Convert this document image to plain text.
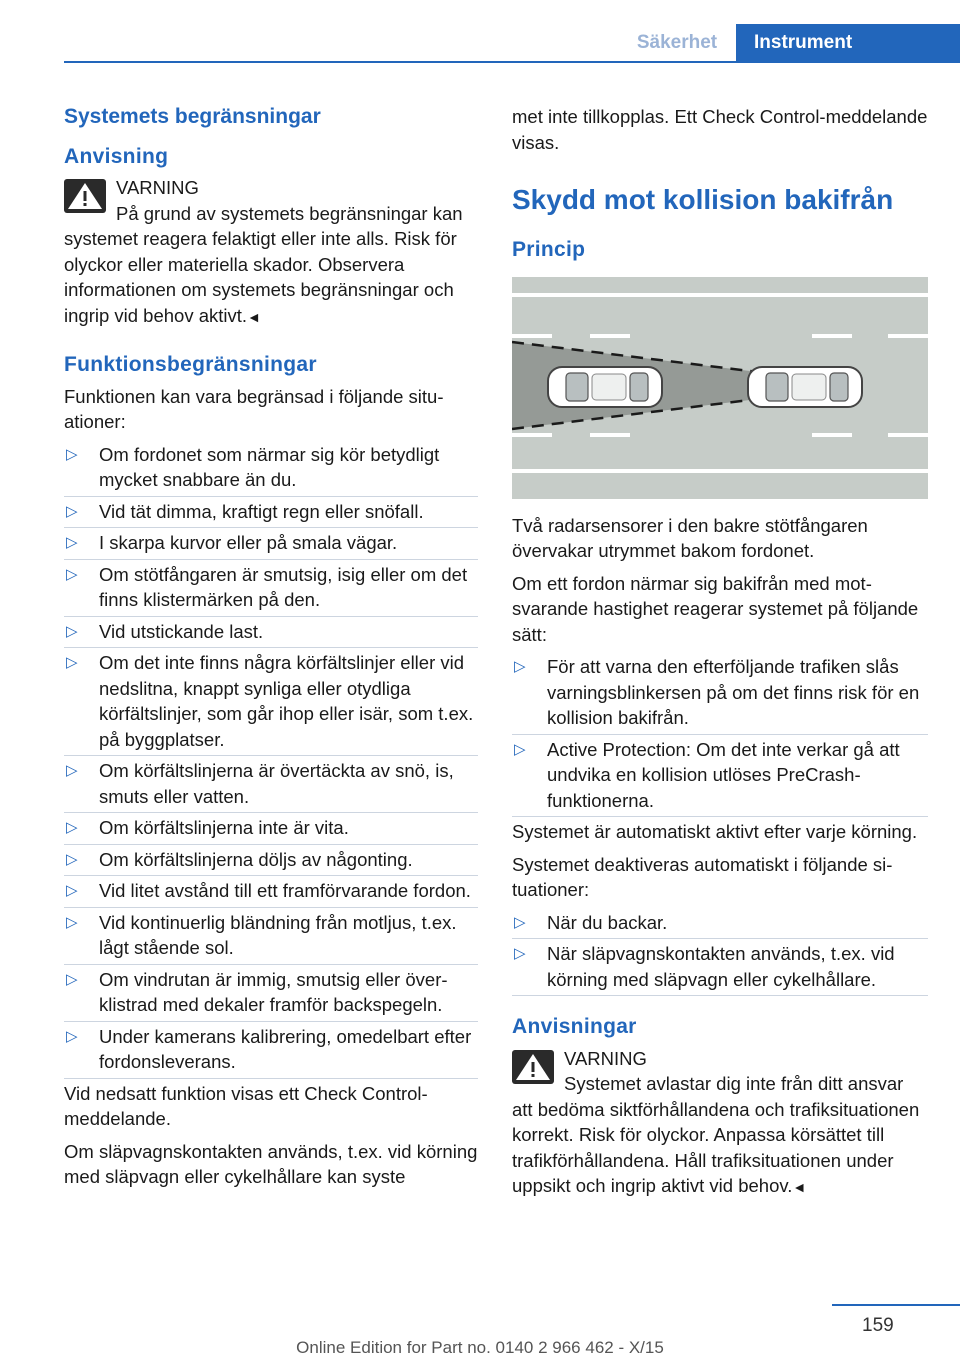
Säkerhet	Instrument
Systemets begränsningar
Anvisning
VARNING
På grund av systemets begränsningar kan systemet reagera felaktigt eller inte alls. Risk för olyckor eller materiella skador. Observera informationen om systemets begränsningar och ingrip vid behov aktivt.◄
Funktionsbegränsningar

Funktionen kan vara begränsad i följande situationer:

▷ Om fordonet som närmar sig kör betydligt mycket snabbare än du.
▷ Vid tät dimma, kraftigt regn eller snöfall.
▷ I skarpa kurvor eller på smala vägar.
▷ Om stötfångaren är smutsig, isig eller om det finns klistermärken på den.
▷ Vid utstickande last.
▷ Om det inte finns några körfältslinjer eller vid nedslitna, knappt synliga eller otydliga körfältslinjer, som går ihop eller isär, som t.ex. på byggplatser.
▷ Om körfältslinjerna är övertäckta av snö, is, smuts eller vatten.
▷ Om körfältslinjerna inte är vita.
▷ Om körfältslinjerna döljs av någonting.
▷ Vid litet avstånd till ett framförvarande fordon.
▷ Vid kontinuerlig bländning från motljus, t.ex. lågt stående sol.
▷ Om vindrutan är immig, smutsig eller överklistrad med dekaler framför backspegeln.
▷ Under kamerans kalibrering, omedelbart efter fordonsleverans.

Vid nedsatt funktion visas ett Check Control-meddelande.

Om släpvagnskontakten används, t.ex. vid körning med släpvagn eller cykelhållare kan syste

met inte tillkopplas. Ett Check Control-meddelande visas.

Skydd mot kollision bakifrån
Princip

Två radarsensorer i den bakre stötfångaren övervakar utrymmet bakom fordonet.

Om ett fordon närmar sig bakifrån med motsvarande hastighet reagerar systemet på följande sätt:

▷ För att varna den efterföljande trafiken slås varningsblinkersen på om det finns risk för en kollision bakifrån.
▷ Active Protection: Om det inte verkar gå att undvika en kollision utlöses PreCrash-funktionerna.

Systemet är automatiskt aktivt efter varje körning.

Systemet deaktiveras automatiskt i följande situationer:

▷ När du backar.
▷ När släpvagnskontakten används, t.ex. vid körning med släpvagn eller cykelhållare.
Anvisningar
VARNING
Systemet avlastar dig inte från ditt ansvar att bedöma siktförhållandena och trafiksituationen korrekt. Risk för olyckor. Anpassa körsättet till trafikförhållandena. Håll trafiksituationen under uppsikt och ingrip aktivt vid behov.◄
159
Online Edition for Part no. 0140 2 966 462 - X/15
